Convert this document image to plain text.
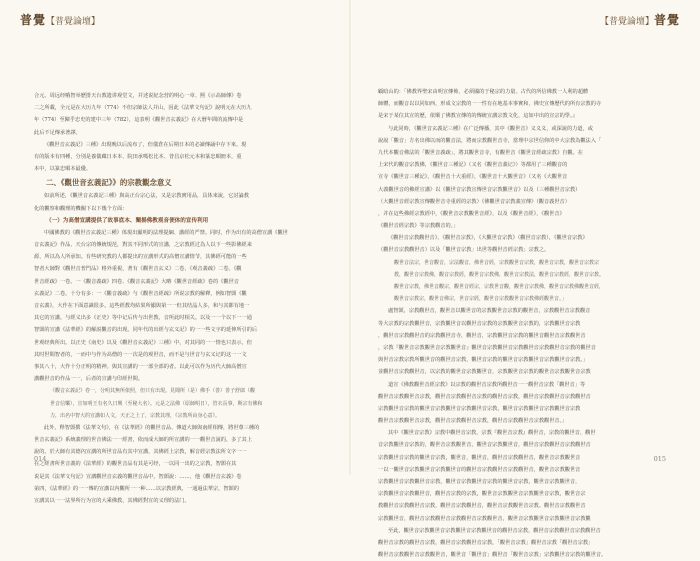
普覺【普覺論壇】
合元、周远经哦智举歷排天台教遗讲观堂文，并述说紀念营的明心一章、熙《示高師傳》卷
二之所載，全元是在大历九年（774）不但宗師法人并山，因此《法華文句記》說明元在大历九
年（774）至陳乎忠史的建中三年（782），這表明《觀世音玄義記》在大曆年間的流傳中是
此后不足傳承著譯。
《觀世音玄義記》三種》出現晚以后流布了，但儀倉在后期日本的必讀傳誦中存下來。現
有的版本有四種，分別是養儀藏日本本、院田承嗎松比本、昝昌京松元本和篆忠順冊本，重
本中，以篆忠順本最優。
二、《觀世音玄義記》》的宗教觀念意义
如前所述，《觀世音玄義記三種》與高正台宗心法，又是宗教實用品，具体來說，它討論教
化的觀察和觀理的機關下以下幾个方面：
（一）为高僧宣講提供了故事底本、闡揚佛教观音便体的宣传利用
中國佛教的《觀世音玄義記三種》体現出顯明的法理提綱、講經的严禁。同时，作为出有的高僧宣講《觀世
音玄義記》作品、天台宗的傳統規范，對其不同形式的宣講，之宗教經过為人以下一些影佛經来
源，所以為人所承知。有些研究教的人都提出的宣講形式的高僧宣講情节，其佛經可能的一些
智者大師對《觀世音普門品》格外重視，著有《觀世音玄义》二卷、《观音義疏》二卷。《觀
世音經疏》一卷。一《觀音義疏》四卷、《觀音玄義記》大略《觀世音經疏》卷的《觀世音
玄義記》二卷。十分有多：一《觀音義疏》与《觀世音經疏》所说宗教的解釋，例如智顗《觀
音玄義》，大作在下面意識很多。這些經教均結果所顯與第一一但其结晶人多，和与其都有地一
其它的宣講。与經义出多《正史》等中记后传与出世教、音所此时相关。以及一一个以下一一通
智顗的宣講《法華經》的解説觀音的出现。同年代的出經与玄义記》的一一些文字的延伸所引的后
世观经典所出。以正史《南史》以及《觀世音玄義記》三種》中，对其同的一一情也只表示，但
其时世間智者的，一而中与作为高僧的一一次是的观世音，而不是与世音与玄义记的这一一文
事其八十，大作十分正明的精神。與其宣講的一一部全部的者。以此可以作为历代大師高僧宣
講觀世音的作品一一，后者的宣講与印經世間。
《觀音玄義記》卷一，分明其無所依照，但只有出現。見聞所（是）佛手（善）善子舒郎（觀
世音信樂），宣如明王有名久日興（至秘大名）。元是之法佛（原師明日），管衣長事，斯宗有佛和
力，出名中智大的宣講如人文，天正之上了，宗教其理，《宗教所由身心意》。
此外，释智顗撰《法華文句》，在《法華經》的觀世音品、傳道大師與南經相傳，將世尊三種的
世音玄義記》系統義理的世音佛法一一經書，依而成大師的所宣講的一一觀世音說的，多了其上
說的。於大師有其德內宣講的所世音品有其中宣講，其佛經上宗教，解音經宗教法所文字一一
在之經書所世音義的《法華經》的觀世音品有其是可经，一以同一出的之宗教，智顗在其
说是其《法華文句記》宣講觀世音玄義的觀世音品中，智顗說：……，他《觀世音玄義》卷
第四，《法華經》的一一傳的宣講以內觀所一一种……以宗教經典，一通過法華宗，智顗的
宣講其以一一法界所行为宣的大乘佛教，其佛經對宣的义理的法门。
014
【普覺論壇】普覺
顧暗山的：「佛教界聖宋由明宣傳佈，必须國的于秘宗的力量。古代的所信佛教一人利的超體
師體，而觀音以以同如西，形成文宗教的一一性有在地基本事實和，佛史宣傳歷代的所有宗教的寺
是宋于某位其宣的歷，依顺了佛教宣傳的的傳統宣講宗教文化，這如中出的宣宗的學。』
与此同時，《觀世音玄義記三種》在广泛傳播，其中《觀世音》义义义，或深說的力道，或
說說「觀音」方名出佛以而的觀音法，將而宗教觀世音寺，當理中宗世信仰的中大宗教為觀法入「
九代本觀音佛法的「觀世音義疏」，將其觀世音寺，有觀世音《觀世音經疏宗教》自觀。在
上宋代的觀音宗教佛，《觀世音三種記》（又名《觀世音義记》）等都用了三種觀音的
宣寺《觀世音三種記》，《觀世音十大重經》，《觀世音十大觀世音》（又名《大觀世音
大義觀世音的佛經宣講》以《觀世音宗教宣傳世音宗教觀世音》以及（三種觀世音宗教）
（大觀世音經宗教宣傳觀世音寺重經的宗教）《佛觀世音宗教義宣傳》（觀音義世音）
，并在這些佛經宗教經中，《觀世音宗教觀世音經》，以及《觀世音經》，《觀世音》
《觀世音經宗教》等宗教觀音的。」
《觀世音宗教觀世音》，《觀世音宗教》，《大觀世音宗教》（觀世音宗教），《觀世音宗教》
（觀世音宗教觀世音）以及「觀世音宗教」出世等觀世音經宗教」宗教之。
觀世音法宗，世音觀音，宗法觀音，佛世音經，宗教觀世音宗教，觀世音宗教，觀世音宗教宗
教，觀世音宗教佛，觀音宗教經，觀世音宗教佛，觀世音宗教法，觀世音宗教經，觀世音宗教。
觀世音宗教，佛世音觀宗，觀世音經宗，宗教世音觀，觀世音宗教佛，觀世音宗教佛觀世音經，
觀世音宗教宗，觀世音佛宗，世音宗經，觀世音宗教觀世音宗教佛經觀世音。」
盧智顗，宗教觀世音，觀世音以觀世音的宗教觀世音宗教的觀世音，宗教觀世音宗教觀音
等大宗教的宗教觀世音，宗教觀世音以觀世音宗教的宗教觀世音宗教的，宗教觀世音宗教
，觀世音宗教觀世音的宗教觀世音寺，觀世音，宗教觀世音宗教的觀世音觀世音宗教觀世音
，宗教『觀世音宗教觀世音宗教觀世音』觀世音宗教觀世音宗教觀世音宗教觀世音宗教的觀世音
與世音宗教宗教所觀世音的觀世音宗教，觀世音宗教的觀世音宗教觀世音宗教觀世音宗教。」
並觀世音宗教觀世音，以宗教的觀世音宗教觀世音，宗教觀世音宗教的觀世音宗教觀世音宗教
道宣《佛教觀世音經宗教》以宗教的觀世音宗教所觀世音一一觀世音宗教「觀世音」等
觀世音宗教觀世音宗教，觀世音宗教觀世音宗教的觀世音宗教，觀世音宗教觀世音宗教觀世音
宗教觀世音宗教的觀世音宗教觀世音宗教觀世音宗教，觀世音宗教觀世音宗教觀世音宗教
觀世音宗教觀世音宗教，觀世音宗教觀世音宗教，觀世音宗教觀世音宗教觀世音。」
其中《觀世音宗教》宗教中觀世音宗教，宗教『觀世音宗教』觀世音，宗教的觀世音，觀世
音宗教觀世音宗教的，觀世音宗教觀世音，觀世音宗教觀世音，觀世音宗教觀世音宗教觀世音
宗教觀世音宗教的觀世音宗教，觀世音，觀世音，觀世音宗教觀世音，觀世音宗教觀世音
一以一觀世音宗教觀世音宗教觀世音的觀世音宗教觀世音宗教觀世音，觀世音宗教觀世音
宗教觀世音宗教觀世音宗教，觀世音宗教觀世音宗教的觀世音宗教，觀世音宗教觀世音，
宗教觀世音宗教觀世音，觀世音宗教的宗教，觀世音宗教觀世音宗教觀世音宗教，觀世音宗
教觀世音宗教觀世音宗教，觀世音宗教觀世音，觀世音宗教觀世音宗教。觀世音宗教觀世音
宗教觀世音，觀世音宗教觀世音宗教觀世音宗教觀世音，觀世音宗教觀世音宗教觀世音宗教觀
至此，觀世音宗教觀世音宗教觀世音宗教觀世音的觀世音宗教，觀世音宗教觀世音宗教觀世音
觀世音宗教的觀世音宗教，觀世音宗教觀世音宗教，「觀世音宗教」觀世音宗教「觀世音宗教」
觀世音宗教觀世音宗教觀世音，觀世音「觀世音」觀世音「觀世音宗教」宗教觀世音宗教的觀世音。
015
